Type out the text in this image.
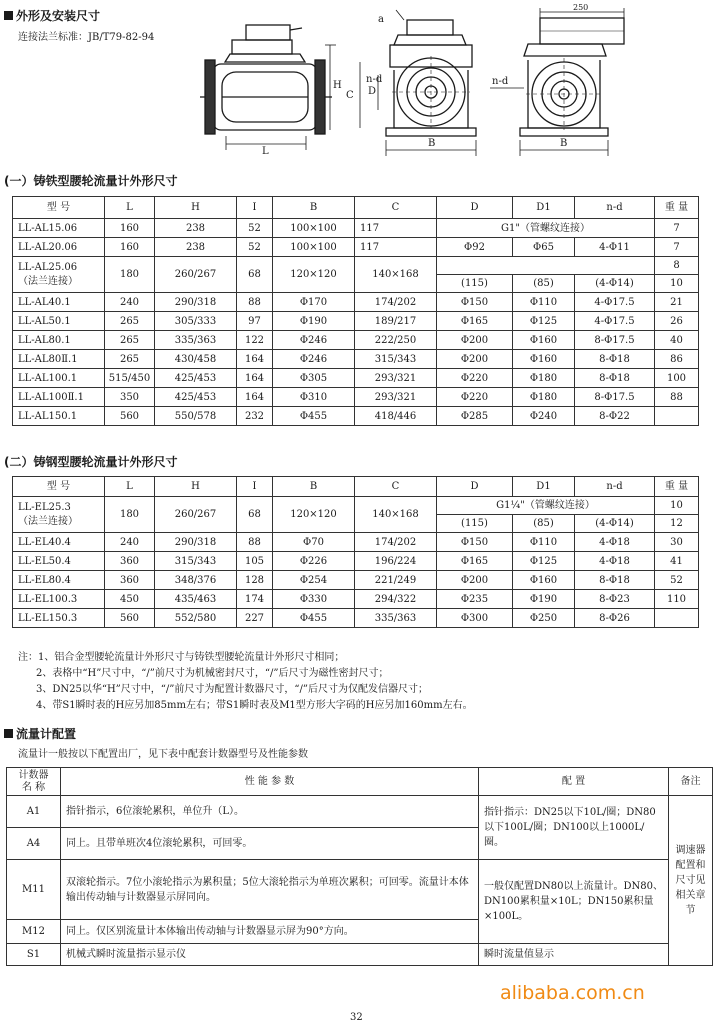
外形及安装尺寸
连接法兰标准：JB/T79-82-94
250
H
L
C D
n-d
a
B
n-d
B
(一）铸铁型腰轮流量计外形尺寸
型 号	L	H	I	B	C	D	D1	n-d	重 量
LL-AL15.06	160	238	52	100×100	117	G1"（管螺纹连接）			7
LL-AL20.06	160	238	52	100×100	117	Φ92	Φ65	4-Φ11	7

LL-AL25.06
（法兰连接）	180	260/267	68	120×120	140×168				8
						(115)	(85)	(4-Φ14)	10
LL-AL40.1	240	290/318	88	Φ170	174/202	Φ150	Φ110	4-Φ17.5	21
LL-AL50.1	265	305/333	97	Φ190	189/217	Φ165	Φ125	4-Φ17.5	26
LL-AL80.1	265	335/363	122	Φ246	222/250	Φ200	Φ160	8-Φ17.5	40
LL-AL80Ⅱ.1	265	430/458	164	Φ246	315/343	Φ200	Φ160	8-Φ18	86
LL-AL100.1	515/450	425/453	164	Φ305	293/321	Φ220	Φ180	8-Φ18	100
LL-AL100Ⅱ.1	350	425/453	164	Φ310	293/321	Φ220	Φ180	8-Φ17.5	88
LL-AL150.1	560	550/578	232	Φ455	418/446	Φ285	Φ240	8-Φ22	
(二）铸钢型腰轮流量计外形尺寸
型 号	L	H	I	B	C	D	D1	n-d	重 量

LL-EL25.3
（法兰连接）	180	260/267	68	120×120	140×168	G1¼"（管螺纹连接）			10
						(115)	(85)	(4-Φ14)	12
LL-EL40.4	240	290/318	88	Φ70	174/202	Φ150	Φ110	4-Φ18	30
LL-EL50.4	360	315/343	105	Φ226	196/224	Φ165	Φ125	4-Φ18	41
LL-EL80.4	360	348/376	128	Φ254	221/249	Φ200	Φ160	8-Φ18	52
LL-EL100.3	450	435/463	174	Φ330	294/322	Φ235	Φ190	8-Φ23	110
LL-EL150.3	560	552/580	227	Φ455	335/363	Φ300	Φ250	8-Φ26	
注：1、铝合金型腰轮流量计外形尺寸与铸铁型腰轮流量计外形尺寸相同；
2、表格中“H”尺寸中，“/”前尺寸为机械密封尺寸，“/”后尺寸为磁性密封尺寸；
3、DN25以华“H”尺寸中，“/”前尺寸为配置计数器尺寸，“/”后尺寸为仅配发信器尺寸；
4、带S1瞬时表的H应另加85mm左右；带S1瞬时表及M1型方形大字码的H应另加160mm左右。
流量计配置
流量计一般按以下配置出厂，见下表中配套计数器型号及性能参数
计数器
名 称	性 能 参 数	配 置	备注
A1	指针指示，6位滚轮累积，单位升（L）。	指针指示：DN25以下10L/圈；DN80以下100L/圈；DN100以上1000L/圈。	调速器配置和尺寸见相关章节
A4	同上。且带单班次4位滚轮累积，可回零。		
M11	双滚轮指示。7位小滚轮指示为累积量；5位大滚轮指示为单班次累积；可回零。流量计本体输出传动轴与计数器显示屏同向。	一般仅配置DN80以上流量计。DN80、DN100累积量×10L；DN150累积量×100L。	
M12	同上。仅区别流量计本体输出传动轴与计数器显示屏为90°方向。		
S1	机械式瞬时流量指示显示仪	瞬时流量值显示	
alibaba.com.cn
32
